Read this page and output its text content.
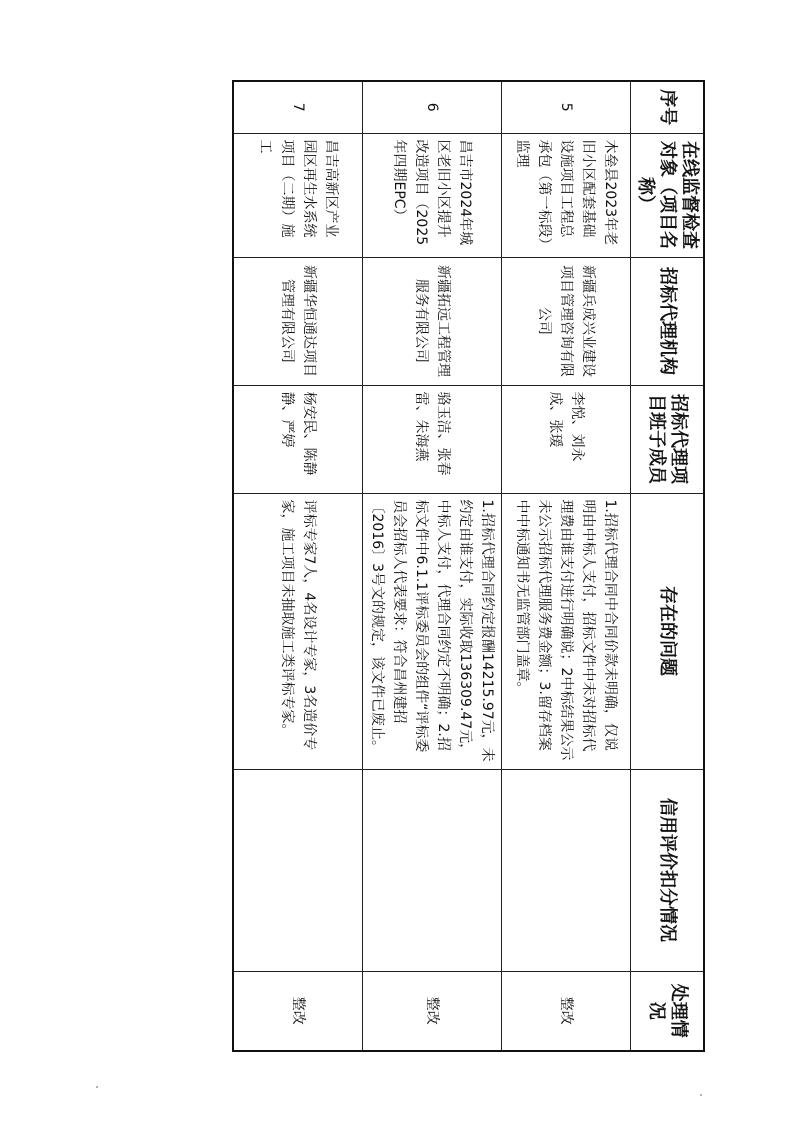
序号	在线监督检查对象（项目名称）	招标代理机构	招标代理项目班子成员	存在的问题	信用评价扣分情况	处理情况
5	木垒县2023年老旧小区配套基础设施项目工程总承包（第一标段）监理	新疆兵成兴业建设项目管理咨询有限公司	李悦、刘永成、张瑗	1.招标代理合同中合同价款未明确，仅说明由中标人支付，招标文件中未对招标代理费由谁支付进行明确说；2中标结果公示未公示招标代理服务费金额；3.留存档案中中标通知书无监管部门盖章。		整改
6	昌吉市2024年城区老旧小区提升改造项目（2025年四期EPC）	新疆拓远工程管理服务有限公司	骆玉洁、张春雷、朱海燕	1.招标代理合同约定报酬14215.97元，未约定由谁支付，实际收取136309.47元，中标人支付，代理合同约定不明确；2.招标文件中6.1.1评标委员会的组件“评标委员会招标人代表要求：符合昌州建招〔2016〕3号文的规定，该文件已废止。		整改
7	昌吉高新区产业园区再生水系统项目（二期）施工	新疆华恒通达项目管理有限公司	杨安民、陈静静、严婷	评标专家7人，4名设计专家，3名造价专家，施工项目未抽取施工类评标专家。		整改
